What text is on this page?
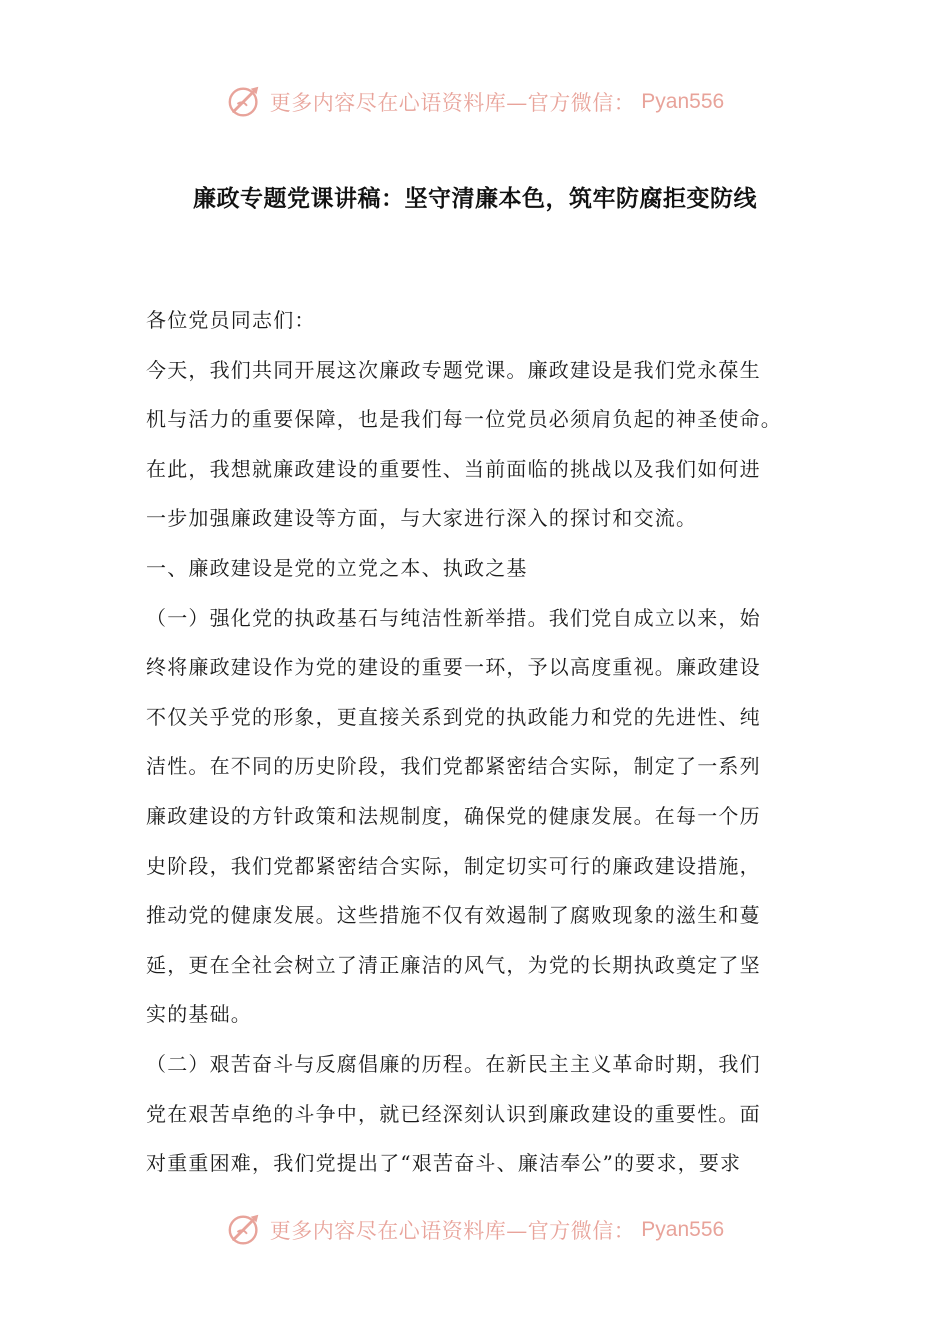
更多内容尽在心语资料库—官方微信： Pyan556
廉政专题党课讲稿：坚守清廉本色，筑牢防腐拒变防线

各位党员同志们：

今天，我们共同开展这次廉政专题党课。廉政建设是我们党永葆生

机与活力的重要保障，也是我们每一位党员必须肩负起的神圣使命。

在此，我想就廉政建设的重要性、当前面临的挑战以及我们如何进

一步加强廉政建设等方面，与大家进行深入的探讨和交流。

一、廉政建设是党的立党之本、执政之基

（一）强化党的执政基石与纯洁性新举措。我们党自成立以来，始

终将廉政建设作为党的建设的重要一环，予以高度重视。廉政建设

不仅关乎党的形象，更直接关系到党的执政能力和党的先进性、纯

洁性。在不同的历史阶段，我们党都紧密结合实际，制定了一系列

廉政建设的方针政策和法规制度，确保党的健康发展。在每一个历

史阶段，我们党都紧密结合实际，制定切实可行的廉政建设措施，

推动党的健康发展。这些措施不仅有效遏制了腐败现象的滋生和蔓

延，更在全社会树立了清正廉洁的风气，为党的长期执政奠定了坚

实的基础。

（二）艰苦奋斗与反腐倡廉的历程。在新民主主义革命时期，我们

党在艰苦卓绝的斗争中，就已经深刻认识到廉政建设的重要性。面

对重重困难，我们党提出了“艰苦奋斗、廉洁奉公”的要求，要求

更多内容尽在心语资料库—官方微信： Pyan556
